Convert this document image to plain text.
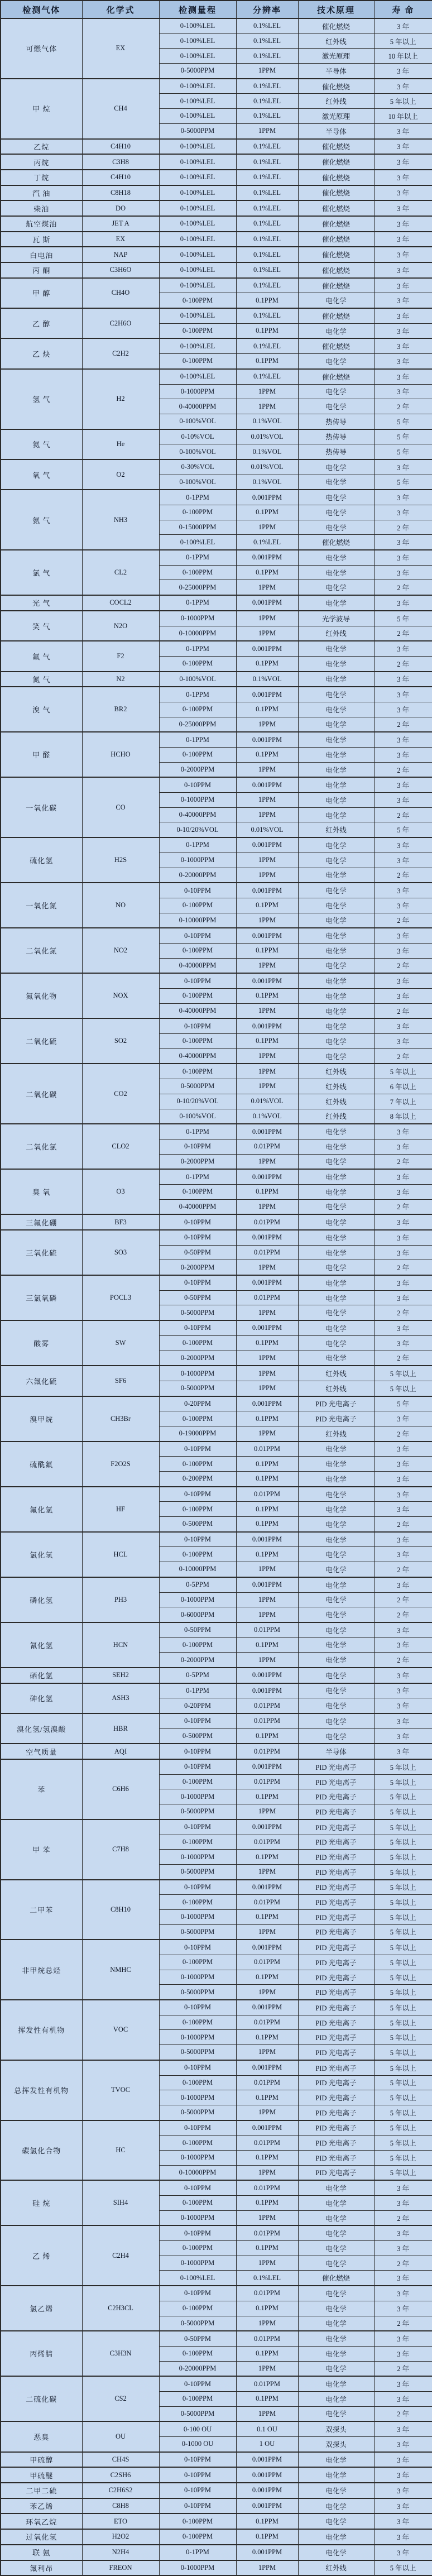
检测气体	化学式	检测量程	分辨率	技术原理	寿 命
可燃气体	EX	0-100%LEL	0.1%LEL	催化燃烧	3 年
		0-100%LEL	0.1%LEL	红外线	5 年以上
		0-100%LEL	0.1%LEL	激光原理	10 年以上
		0-5000PPM	1PPM	半导体	3 年
甲 烷	CH4	0-100%LEL	0.1%LEL	催化燃烧	3 年
		0-100%LEL	0.1%LEL	红外线	5 年以上
		0-100%LEL	0.1%LEL	激光原理	10 年以上
		0-5000PPM	1PPM	半导体	3 年
乙烷	C4H10	0-100%LEL	0.1%LEL	催化燃烧	3 年
丙烷	C3H8	0-100%LEL	0.1%LEL	催化燃烧	3 年
丁烷	C4H10	0-100%LEL	0.1%LEL	催化燃烧	3 年
汽 油	C8H18	0-100%LEL	0.1%LEL	催化燃烧	3 年
柴油	DO	0-100%LEL	0.1%LEL	催化燃烧	3 年
航空煤油	JET A	0-100%LEL	0.1%LEL	催化燃烧	3 年
瓦 斯	EX	0-100%LEL	0.1%LEL	催化燃烧	3 年
白电油	NAP	0-100%LEL	0.1%LEL	催化燃烧	3 年
丙 酮	C3H6O	0-100%LEL	0.1%LEL	催化燃烧	3 年
甲 醇	CH4O	0-100%LEL	0.1%LEL	催化燃烧	3 年
		0-100PPM	0.1PPM	电化学	3 年
乙 醇	C2H6O	0-100%LEL	0.1%LEL	催化燃烧	3 年
		0-100PPM	0.1PPM	电化学	3 年
乙 炔	C2H2	0-100%LEL	0.1%LEL	催化燃烧	3 年
		0-100PPM	0.1PPM	电化学	3 年
氢 气	H2	0-100%LEL	0.1%LEL	催化燃烧	3 年
		0-1000PPM	1PPM	电化学	3 年
		0-40000PPM	1PPM	电化学	2 年
		0-100%VOL	0.1%VOL	热传导	5 年
氦 气	He	0-10%VOL	0.01%VOL	热传导	5 年
		0-100%VOL	0.1%VOL	热传导	5 年
氧 气	O2	0-30%VOL	0.01%VOL	电化学	3 年
		0-100%VOL	0.1%VOL	电化学	5 年
氨 气	NH3	0-1PPM	0.001PPM	电化学	3 年
		0-100PPM	0.1PPM	电化学	3 年
		0-15000PPM	1PPM	电化学	2 年
		0-100%LEL	0.1%LEL	催化燃烧	3 年
氯 气	CL2	0-1PPM	0.001PPM	电化学	3 年
		0-100PPM	0.1PPM	电化学	3 年
		0-25000PPM	1PPM	电化学	2 年
光 气	COCL2	0-1PPM	0.001PPM	电化学	3 年
笑 气	N2O	0-1000PPM	1PPM	光学波导	5 年
		0-10000PPM	1PPM	红外线	2 年
氟 气	F2	0-1PPM	0.001PPM	电化学	3 年
		0-100PPM	0.1PPM	电化学	2 年
氮 气	N2	0-100%VOL	0.1%VOL	电化学	3 年
溴 气	BR2	0-1PPM	0.001PPM	电化学	3 年
		0-100PPM	0.1PPM	电化学	3 年
		0-25000PPM	1PPM	电化学	2 年
甲 醛	HCHO	0-1PPM	0.001PPM	电化学	3 年
		0-100PPM	0.1PPM	电化学	3 年
		0-2000PPM	1PPM	电化学	2 年
一氧化碳	CO	0-10PPM	0.001PPM	电化学	3 年
		0-1000PPM	1PPM	电化学	3 年
		0-40000PPM	1PPM	电化学	2 年
		0-10/20%VOL	0.01%VOL	红外线	5 年
硫化氢	H2S	0-1PPM	0.001PPM	电化学	3 年
		0-1000PPM	1PPM	电化学	3 年
		0-20000PPM	1PPM	电化学	2 年
一氧化氮	NO	0-10PPM	0.001PPM	电化学	3 年
		0-100PPM	0.1PPM	电化学	3 年
		0-10000PPM	1PPM	电化学	2 年
二氧化氮	NO2	0-10PPM	0.001PPM	电化学	3 年
		0-100PPM	0.1PPM	电化学	3 年
		0-40000PPM	1PPM	电化学	2 年
氮氧化物	NOX	0-10PPM	0.001PPM	电化学	3 年
		0-100PPM	0.1PPM	电化学	3 年
		0-40000PPM	1PPM	电化学	2 年
二氧化硫	SO2	0-10PPM	0.001PPM	电化学	3 年
		0-100PPM	0.1PPM	电化学	3 年
		0-40000PPM	1PPM	电化学	2 年
二氧化碳	CO2	0-100PPM	1PPM	红外线	5 年以上
		0-5000PPM	1PPM	红外线	6 年以上
		0-10/20%VOL	0.01%VOL	红外线	7 年以上
		0-100%VOL	0.1%VOL	红外线	8 年以上
二氧化氯	CLO2	0-1PPM	0.001PPM	电化学	3 年
		0-10PPM	0.01PPM	电化学	3 年
		0-2000PPM	1PPM	电化学	2 年
臭 氧	O3	0-1PPM	0.001PPM	电化学	3 年
		0-100PPM	0.1PPM	电化学	3 年
		0-40000PPM	1PPM	电化学	2 年
三氟化硼	BF3	0-10PPM	0.01PPM	电化学	3 年
三氧化硫	SO3	0-10PPM	0.001PPM	电化学	3 年
		0-50PPM	0.01PPM	电化学	3 年
		0-2000PPM	1PPM	电化学	2 年
三氯氧磷	POCL3	0-10PPM	0.001PPM	电化学	3 年
		0-50PPM	0.01PPM	电化学	3 年
		0-5000PPM	1PPM	电化学	2 年
酸雾	SW	0-10PPM	0.001PPM	电化学	3 年
		0-100PPM	0.1PPM	电化学	3 年
		0-2000PPM	1PPM	电化学	2 年
六氟化硫	SF6	0-1000PPM	1PPM	红外线	5 年以上
		0-5000PPM	1PPM	红外线	5 年以上
溴甲烷	CH3Br	0-20PPM	0.001PPM	PID 光电离子	5 年
		0-100PPM	0.1PPM	PID 光电离子	3 年
		0-19000PPM	1PPM	红外线	2 年
硫酰氟	F2O2S	0-10PPM	0.01PPM	电化学	3 年
		0-100PPM	0.1PPM	电化学	3 年
		0-200PPM	0.1PPM	电化学	3 年
氟化氢	HF	0-10PPM	0.01PPM	电化学	3 年
		0-100PPM	0.1PPM	电化学	3 年
		0-500PPM	0.1PPM	电化学	2 年
氯化氢	HCL	0-10PPM	0.001PPM	电化学	3 年
		0-100PPM	0.1PPM	电化学	3 年
		0-10000PPM	1PPM	电化学	2 年
磷化氢	PH3	0-5PPM	0.001PPM	电化学	3 年
		0-1000PPM	1PPM	电化学	2 年
		0-6000PPM	1PPM	电化学	2 年
氰化氢	HCN	0-50PPM	0.01PPM	电化学	3 年
		0-100PPM	0.1PPM	电化学	3 年
		0-2000PPM	1PPM	电化学	2 年
硒化氢	SEH2	0-5PPM	0.001PPM	电化学	3 年
砷化氢	ASH3	0-1PPM	0.001PPM	电化学	3 年
		0-20PPM	0.01PPM	电化学	3 年
溴化氢/氢溴酸	HBR	0-10PPM	0.01PPM	电化学	3 年
		0-500PPM	0.1PPM	电化学	3 年
空气质量	AQI	0-10PPM	0.01PPM	半导体	3 年
苯	C6H6	0-10PPM	0.001PPM	PID 光电离子	5 年以上
		0-100PPM	0.01PPM	PID 光电离子	5 年以上
		0-1000PPM	0.1PPM	PID 光电离子	5 年以上
		0-5000PPM	1PPM	PID 光电离子	5 年以上
甲 苯	C7H8	0-10PPM	0.001PPM	PID 光电离子	5 年以上
		0-100PPM	0.01PPM	PID 光电离子	5 年以上
		0-1000PPM	0.1PPM	PID 光电离子	5 年以上
		0-5000PPM	1PPM	PID 光电离子	5 年以上
二甲苯	C8H10	0-10PPM	0.001PPM	PID 光电离子	5 年以上
		0-100PPM	0.01PPM	PID 光电离子	5 年以上
		0-1000PPM	0.1PPM	PID 光电离子	5 年以上
		0-5000PPM	1PPM	PID 光电离子	5 年以上
非甲烷总烃	NMHC	0-10PPM	0.001PPM	PID 光电离子	5 年以上
		0-100PPM	0.01PPM	PID 光电离子	5 年以上
		0-1000PPM	0.1PPM	PID 光电离子	5 年以上
		0-5000PPM	1PPM	PID 光电离子	5 年以上
挥发性有机物	VOC	0-10PPM	0.001PPM	PID 光电离子	5 年以上
		0-100PPM	0.01PPM	PID 光电离子	5 年以上
		0-1000PPM	0.1PPM	PID 光电离子	5 年以上
		0-5000PPM	1PPM	PID 光电离子	5 年以上
总挥发性有机物	TVOC	0-10PPM	0.001PPM	PID 光电离子	5 年以上
		0-100PPM	0.01PPM	PID 光电离子	5 年以上
		0-1000PPM	0.1PPM	PID 光电离子	5 年以上
		0-5000PPM	1PPM	PID 光电离子	5 年以上
碳氢化合物	HC	0-10PPM	0.001PPM	PID 光电离子	5 年以上
		0-100PPM	0.01PPM	PID 光电离子	5 年以上
		0-1000PPM	0.1PPM	PID 光电离子	5 年以上
		0-10000PPM	1PPM	PID 光电离子	5 年以上
硅 烷	SIH4	0-10PPM	0.01PPM	电化学	3 年
		0-100PPM	0.1PPM	电化学	3 年
		0-1000PPM	1PPM	电化学	2 年
乙 烯	C2H4	0-10PPM	0.01PPM	电化学	3 年
		0-100PPM	0.1PPM	电化学	3 年
		0-1000PPM	1PPM	电化学	2 年
		0-100%LEL	0.1%LEL	催化燃烧	3 年
氯乙烯	C2H3CL	0-10PPM	0.01PPM	电化学	3 年
		0-100PPM	0.1PPM	电化学	3 年
		0-5000PPM	1PPM	电化学	2 年
丙烯腈	C3H3N	0-50PPM	0.01PPM	电化学	3 年
		0-100PPM	0.1PPM	电化学	3 年
		0-20000PPM	1PPM	电化学	2 年
二硫化碳	CS2	0-10PPM	0.01PPM	电化学	3 年
		0-100PPM	0.1PPM	电化学	3 年
		0-5000PPM	1PPM	电化学	2 年
恶臭	OU	0-100 OU	0.1 OU	双探头	3 年
		0-1000 OU	1 OU	双探头	3 年
甲硫醇	CH4S	0-10PPM	0.001PPM	电化学	3 年
甲硫醚	C2SH6	0-10PPM	0.001PPM	电化学	3 年
二甲二硫	C2H6S2	0-10PPM	0.001PPM	电化学	3 年
苯乙烯	C8H8	0-10PPM	0.001PPM	电化学	3 年
环氧乙烷	ETO	0-100PPM	0.1PPM	电化学	3 年
过氧化氢	H2O2	0-100PPM	0.1PPM	电化学	3 年
联 氨	N2H4	0-1PPM	0.001PPM	电化学	3 年
氟利昂	FREON	0-1000PPM	1PPM	红外线	5 年以上
